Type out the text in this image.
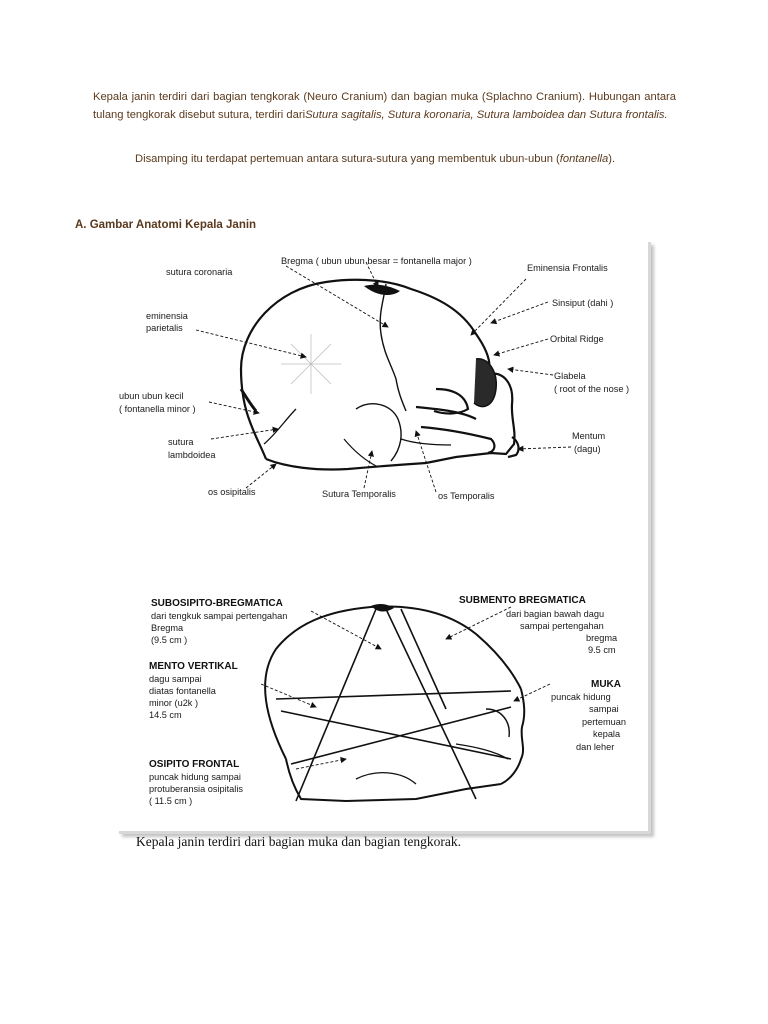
Kepala janin terdiri dari bagian tengkorak (Neuro Cranium) dan bagian muka (Splachno Cranium). Hubungan antara tulang tengkorak disebut sutura, terdiri dariSutura sagitalis, Sutura koronaria, Sutura lamboidea dan Sutura frontalis.
Disamping itu terdapat pertemuan antara sutura-sutura yang membentuk ubun-ubun (fontanella).
A. Gambar Anatomi Kepala Janin
Bregma ( ubun ubun besar = fontanella major )
sutura coronaria
eminensia
parietalis
ubun ubun kecil
( fontanella minor )
sutura
lambdoidea
os osipitalis	Sutura Temporalis	os Temporalis
Eminensia Frontalis
Sinsiput (dahi )
Orbital Ridge
Glabela
( root of the nose )
Mentum
(dagu)
SUBOSIPITO-BREGMATICA
dari tengkuk sampai pertengahan
Bregma
(9.5 cm )
MENTO VERTIKAL
dagu sampai
diatas fontanella
minor (u2k )
14.5 cm
OSIPITO FRONTAL
puncak hidung sampai
protuberansia osipitalis
( 11.5 cm )
SUBMENTO BREGMATICA
dari bagian bawah dagu
sampai pertengahan
bregma
9.5 cm
MUKA
puncak hidung
sampai
pertemuan
kepala
dan leher
Kepala janin terdiri dari bagian muka dan bagian tengkorak.
